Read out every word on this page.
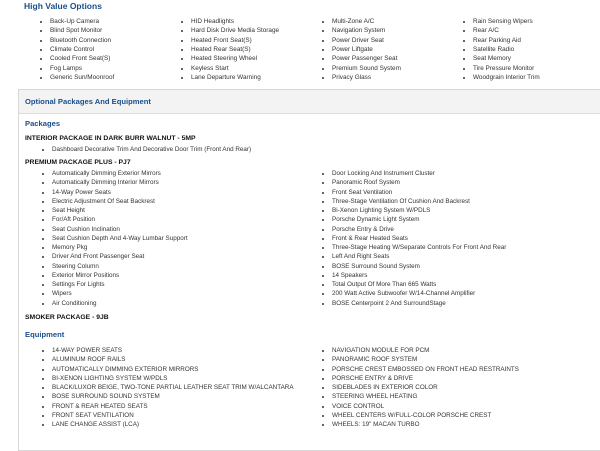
High Value Options
• Back-Up Camera
• Blind Spot Monitor
• Bluetooth Connection
• Climate Control
• Cooled Front Seat(S)
• Fog Lamps
• Generic Sun/Moonroof
• HID Headlights
• Hard Disk Drive Media Storage
• Heated Front Seat(S)
• Heated Rear Seat(S)
• Heated Steering Wheel
• Keyless Start
• Lane Departure Warning
• Multi-Zone A/C
• Navigation System
• Power Driver Seat
• Power Liftgate
• Power Passenger Seat
• Premium Sound System
• Privacy Glass
• Rain Sensing Wipers
• Rear A/C
• Rear Parking Aid
• Satellite Radio
• Seat Memory
• Tire Pressure Monitor
• Woodgrain Interior Trim
Optional Packages And Equipment
Packages
INTERIOR PACKAGE IN DARK BURR WALNUT - 5MP
• Dashboard Decorative Trim And Decorative Door Trim (Front And Rear)
PREMIUM PACKAGE PLUS - PJ7
• Automatically Dimming Exterior Mirrors
• Automatically Dimming Interior Mirrors
• 14-Way Power Seats
• Electric Adjustment Of Seat Backrest
• Seat Height
• For/Aft Position
• Seat Cushion Inclination
• Seat Cushion Depth And 4-Way Lumbar Support
• Memory Pkg
• Driver And Front Passenger Seat
• Steering Column
• Exterior Mirror Positions
• Settings For Lights
• Wipers
• Air Conditioning
• Door Locking And Instrument Cluster
• Panoramic Roof System
• Front Seat Ventilation
• Three-Stage Ventilation Of Cushion And Backrest
• Bi-Xenon Lighting System W/PDLS
• Porsche Dynamic Light System
• Porsche Entry & Drive
• Front & Rear Heated Seats
• Three-Stage Heating W/Separate Controls For Front And Rear
• Left And Right Seats
• BOSE Surround Sound System
• 14 Speakers
• Total Output Of More Than 665 Watts
• 200 Watt Active Subwoofer W/14-Channel Amplifier
• BOSE Centerpoint 2 And SurroundStage
SMOKER PACKAGE - 9JB
Equipment
• 14-WAY POWER SEATS
• ALUMINUM ROOF RAILS
• AUTOMATICALLY DIMMING EXTERIOR MIRRORS
• BI-XENON LIGHTING SYSTEM W/PDLS
• BLACK/LUXOR BEIGE, TWO-TONE PARTIAL LEATHER SEAT TRIM W/ALCANTARA
• BOSE SURROUND SOUND SYSTEM
• FRONT & REAR HEATED SEATS
• FRONT SEAT VENTILATION
• LANE CHANGE ASSIST (LCA)
• NAVIGATION MODULE FOR PCM
• PANORAMIC ROOF SYSTEM
• PORSCHE CREST EMBOSSED ON FRONT HEAD RESTRAINTS
• PORSCHE ENTRY & DRIVE
• SIDEBLADES IN EXTERIOR COLOR
• STEERING WHEEL HEATING
• VOICE CONTROL
• WHEEL CENTERS W/FULL-COLOR PORSCHE CREST
• WHEELS: 19" MACAN TURBO
